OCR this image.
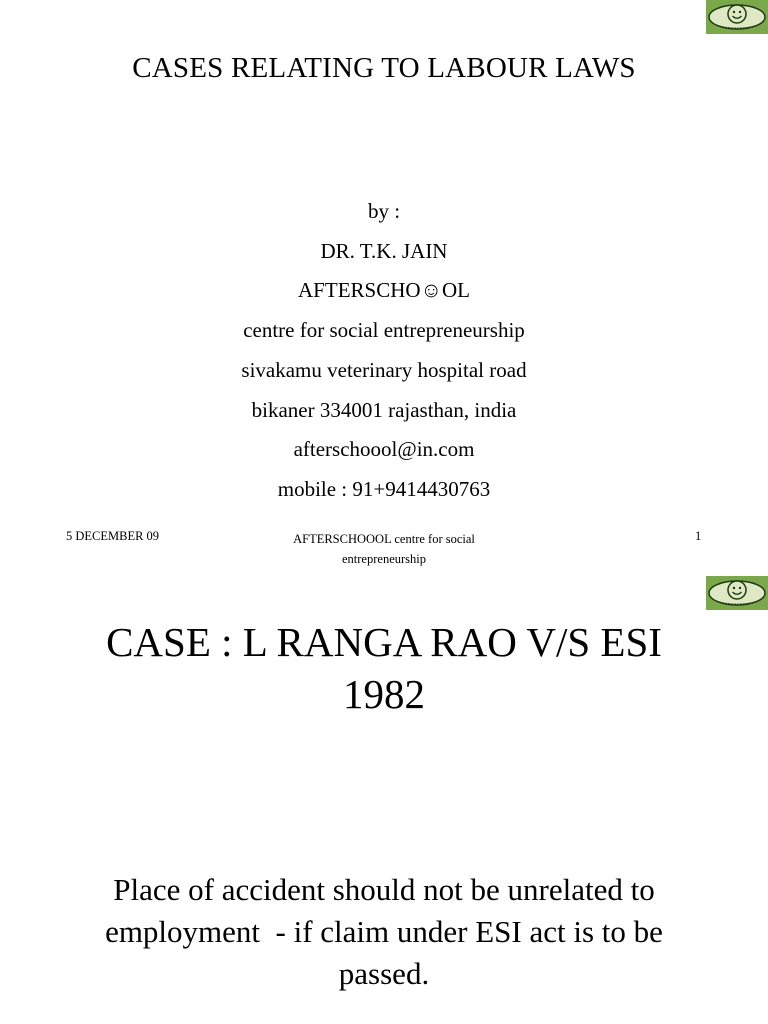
CASES RELATING TO LABOUR LAWS
by :
DR. T.K. JAIN
AFTERSCHO☺OL
centre for social entrepreneurship
sivakamu veterinary hospital road
bikaner 334001 rajasthan, india
afterschoool@in.com
mobile : 91+9414430763
5 DECEMBER 09	AFTERSCHOOOL centre for social
entrepreneurship
1
CASE : L RANGA RAO V/S ESI
1982
Place of accident should not be unrelated to
employment  - if claim under ESI act is to be
passed.
